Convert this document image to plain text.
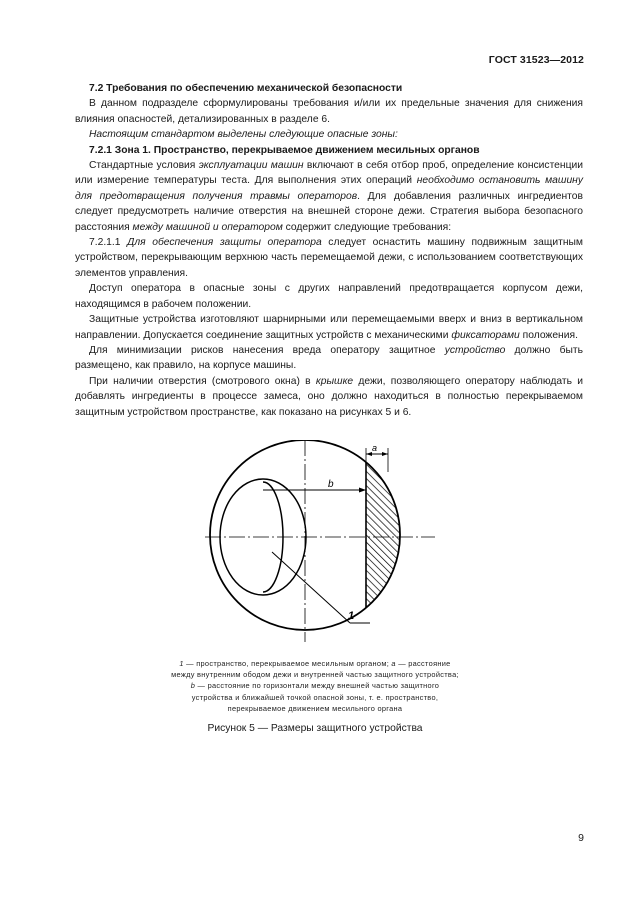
ГОСТ 31523—2012

7.2 Требования по обеспечению механической безопасности

В данном подразделе сформулированы требования и/или их предельные значения для снижения влияния опасностей, детализированных в разделе 6.

Настоящим стандартом выделены следующие опасные зоны:

7.2.1 Зона 1. Пространство, перекрываемое движением месильных органов

Стандартные условия эксплуатации машин включают в себя отбор проб, определение консистенции или измерение температуры теста. Для выполнения этих операций необходимо остановить машину для предотвращения получения травмы операторов. Для добавления различных ингредиентов следует предусмотреть наличие отверстия на внешней стороне дежи. Стратегия выбора безопасного расстояния между машиной и оператором содержит следующие требования:

7.2.1.1 Для обеспечения защиты оператора следует оснастить машину подвижным защитным устройством, перекрывающим верхнюю часть перемещаемой дежи, с использованием соответствующих элементов управления.

Доступ оператора в опасные зоны с других направлений предотвращается корпусом дежи, находящимся в рабочем положении.

Защитные устройства изготовляют шарнирными или перемещаемыми вверх и вниз в вертикальном направлении. Допускается соединение защитных устройств с механическими фиксаторами положения.

Для минимизации рисков нанесения вреда оператору защитное устройство должно быть размещено, как правило, на корпусе машины.

При наличии отверстия (смотрового окна) в крышке дежи, позволяющего оператору наблюдать и добавлять ингредиенты в процессе замеса, оно должно находиться в полностью перекрываемом защитным устройством пространстве, как показано на рисунках 5 и 6.

b
a
1
1 — пространство, перекрываемое месильным органом; а — расстояние
между внутренним ободом дежи и внутренней частью защитного устройства;
b — расстояние по горизонтали между внешней частью защитного
устройства и ближайшей точкой опасной зоны, т. е. пространство,
перекрываемое движением месильного органа
Рисунок 5 — Размеры защитного устройства
9
